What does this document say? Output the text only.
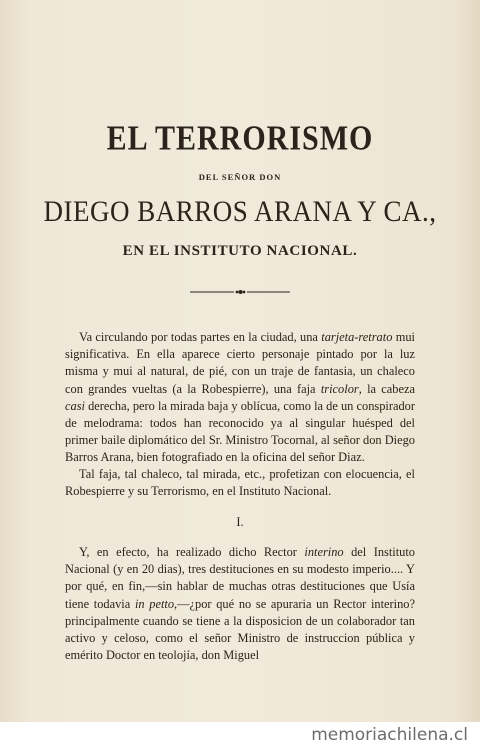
EL TERRORISMO
DEL SEÑOR DON
DIEGO BARROS ARANA Y CA.,
EN EL INSTITUTO NACIONAL.
Va circulando por todas partes en la ciudad, una tarjeta-retrato mui significativa. En ella aparece cierto personaje pintado por la luz misma y mui al natural, de pié, con un traje de fantasia, un chaleco con grandes vueltas (a la Robespierre), una faja tricolor, la cabeza casi derecha, pero la mirada baja y oblícua, como la de un conspirador de melodrama: todos han reconocido ya al singular huésped del primer baile diplomático del Sr. Ministro Tocornal, al señor don Diego Barros Arana, bien fotografiado en la oficina del señor Diaz.
Tal faja, tal chaleco, tal mirada, etc., profetizan con elocuencia, el Robespierre y su Terrorismo, en el Instituto Nacional.
I.
Y, en efecto, ha realizado dicho Rector interino del Instituto Nacional (y en 20 dias), tres destituciones en su modesto imperio.... Y por qué, en fin,—sin hablar de muchas otras destituciones que Usía tiene todavia in petto,—¿por qué no se apuraria un Rector interino? principalmente cuando se tiene a la disposicion de un colaborador tan activo y celoso, como el señor Ministro de instruccion pública y emérito Doctor en teolojía, don Miguel
memoriachilena.cl
